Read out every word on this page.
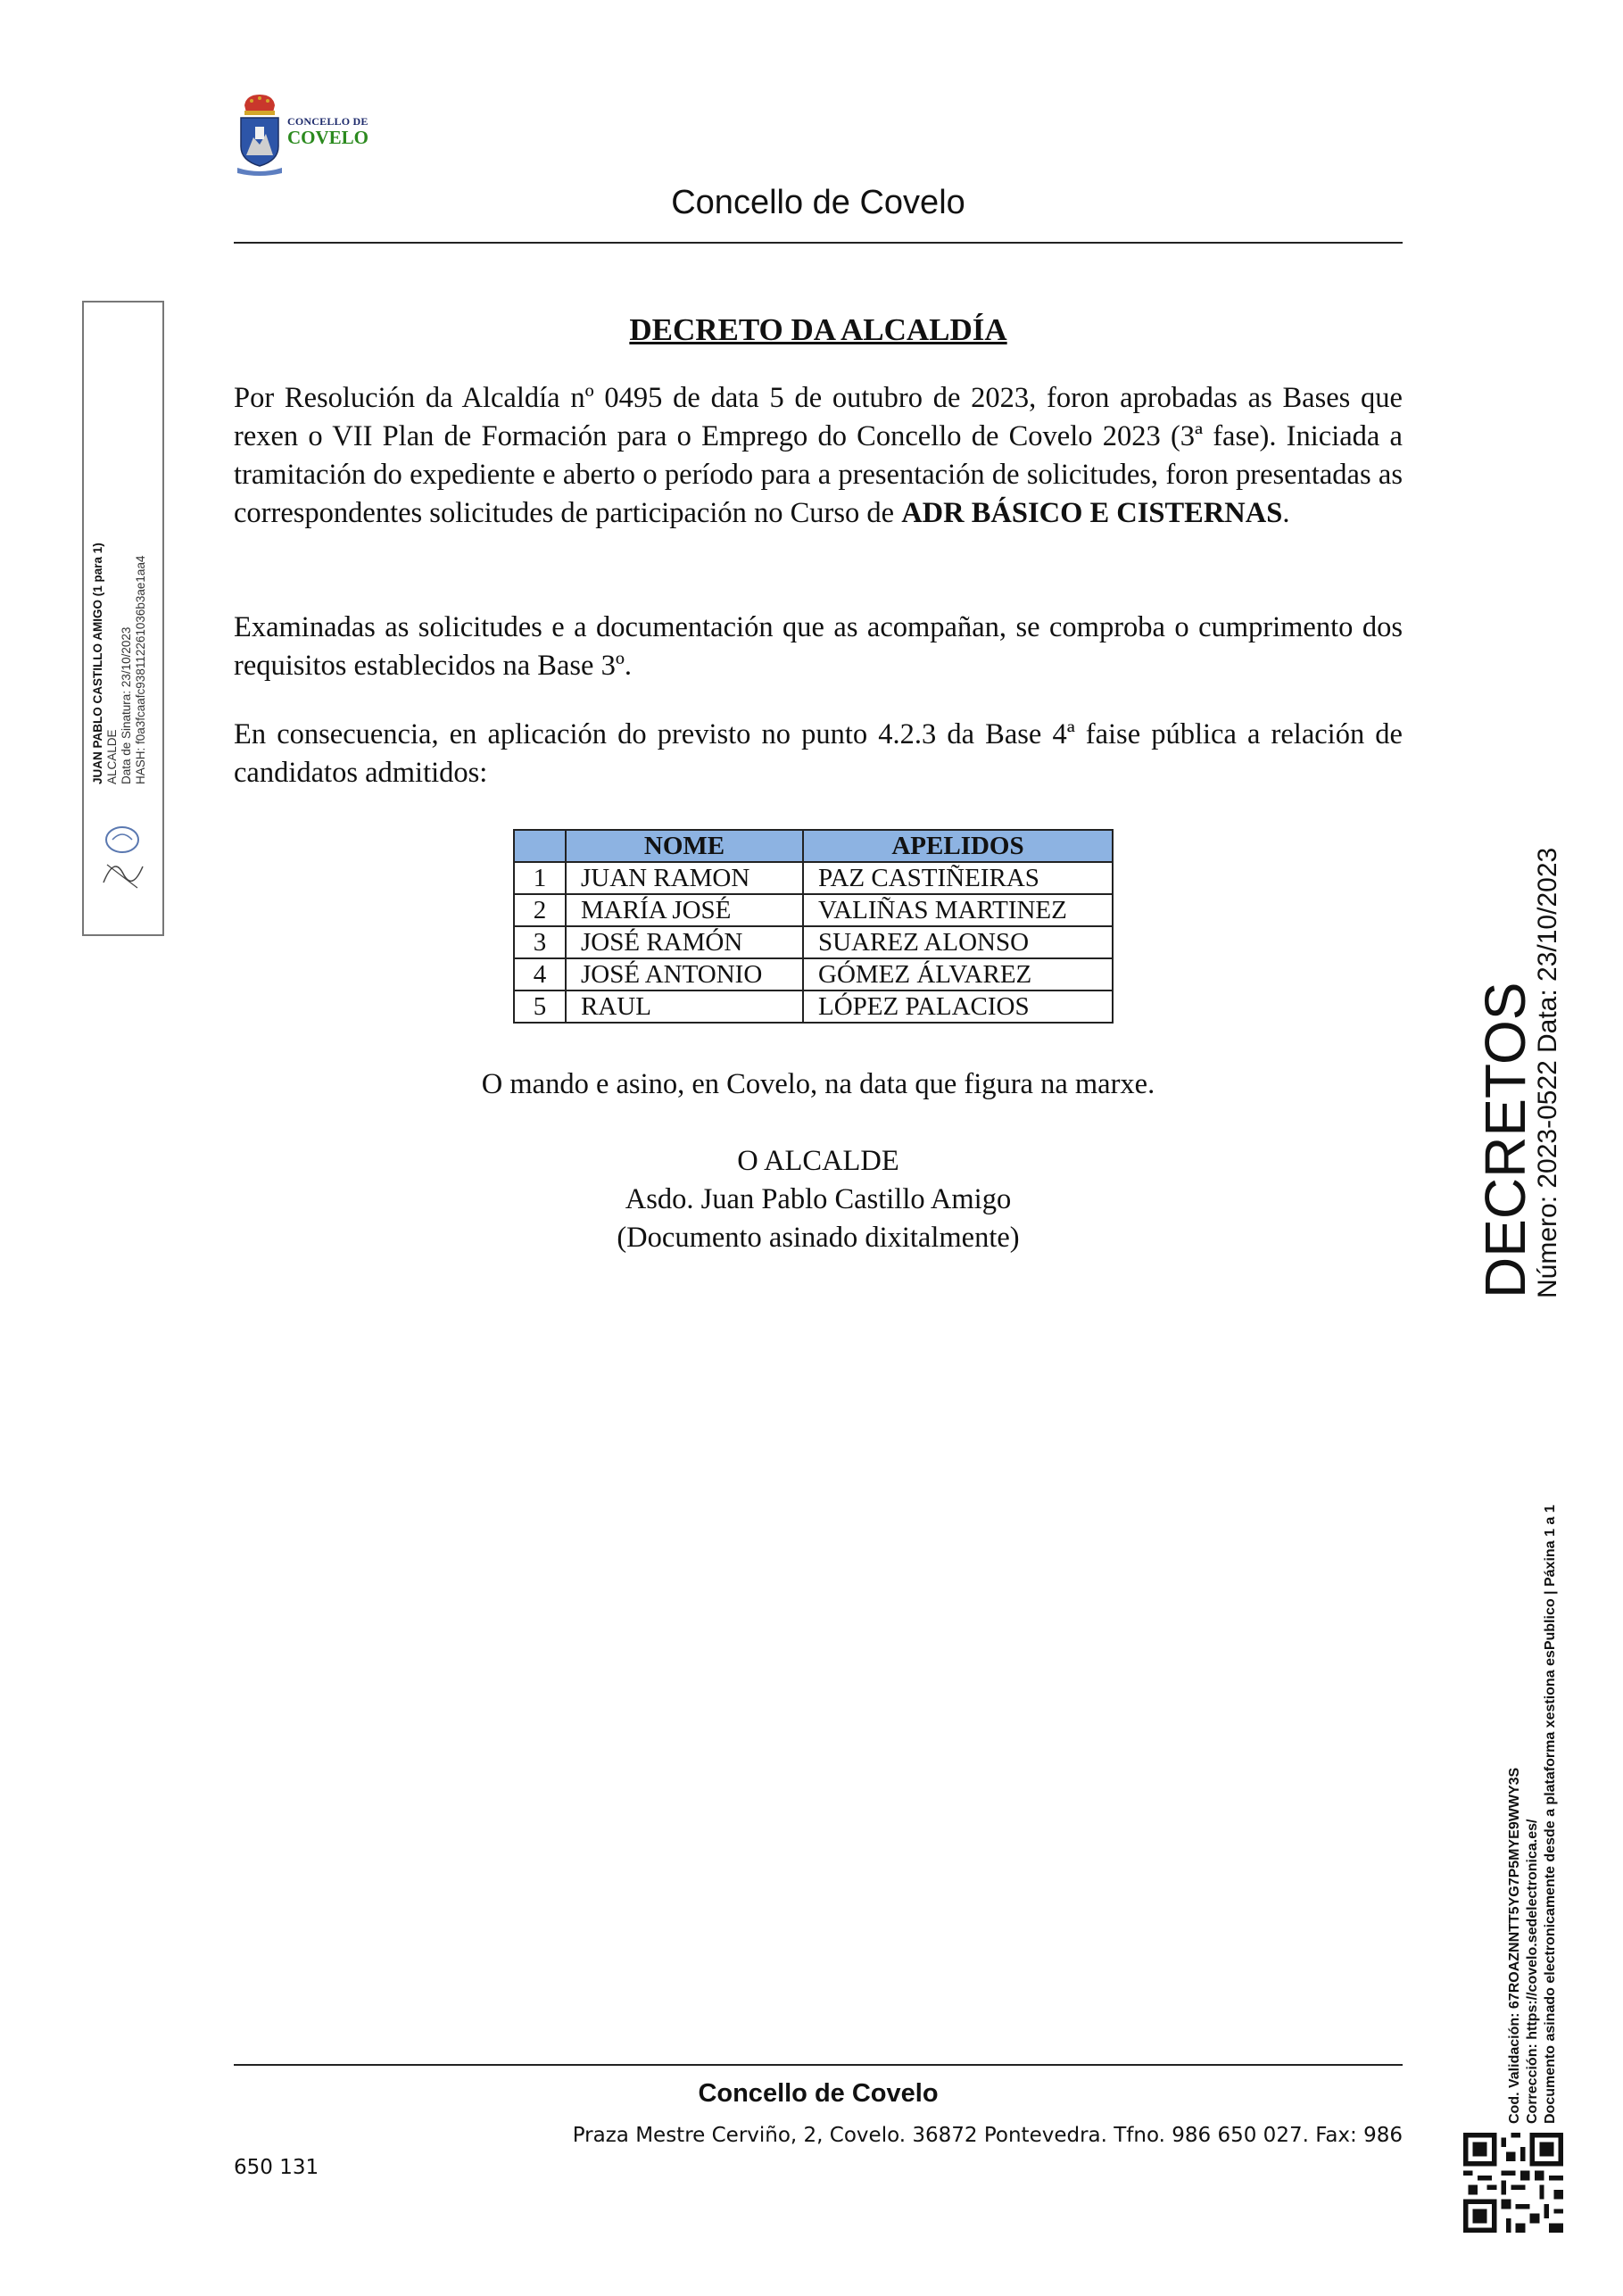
CONCELLO DE
COVELO
Concello de Covelo
DECRETO DA ALCALDÍA
Por Resolución da Alcaldía nº 0495 de data 5 de outubro de 2023, foron aprobadas as Bases que rexen o VII Plan de Formación para o Emprego do Concello de Covelo 2023 (3ª fase). Iniciada a tramitación do expediente e aberto o período para a presentación de solicitudes, foron presentadas as correspondentes solicitudes de participación no Curso de ADR BÁSICO E CISTERNAS.
Examinadas as solicitudes e a documentación que as acompañan, se comproba o cumprimento dos requisitos establecidos na Base 3º.
En consecuencia, en aplicación do previsto no punto 4.2.3 da Base 4ª faise pública a relación de candidatos admitidos:
	NOME	APELIDOS
1	JUAN RAMON	PAZ CASTIÑEIRAS
2	MARÍA JOSÉ	VALIÑAS MARTINEZ
3	JOSÉ RAMÓN	SUAREZ ALONSO
4	JOSÉ ANTONIO	GÓMEZ ÁLVAREZ
5	RAUL	LÓPEZ PALACIOS
O mando e asino, en Covelo, na data que figura na marxe.
O ALCALDE
Asdo. Juan Pablo Castillo Amigo
(Documento asinado dixitalmente)
Concello de Covelo
Praza Mestre Cerviño, 2, Covelo. 36872 Pontevedra. Tfno. 986 650 027. Fax: 986
650 131
JUAN PABLO CASTILLO AMIGO (1 para 1) ALCALDE Data de Sinatura: 23/10/2023 HASH: f0a3fcaafc938112261036b3ae1aa4
DECRETOS
Número: 2023-0522
Data: 23/10/2023
Cod. Validación: 67ROAZNNTT5YG7P5MYE9WWY3S Corrección: https://covelo.sedelectronica.es/ Documento asinado electronicamente desde a plataforma xestiona esPublico | Páxina 1 a 1
